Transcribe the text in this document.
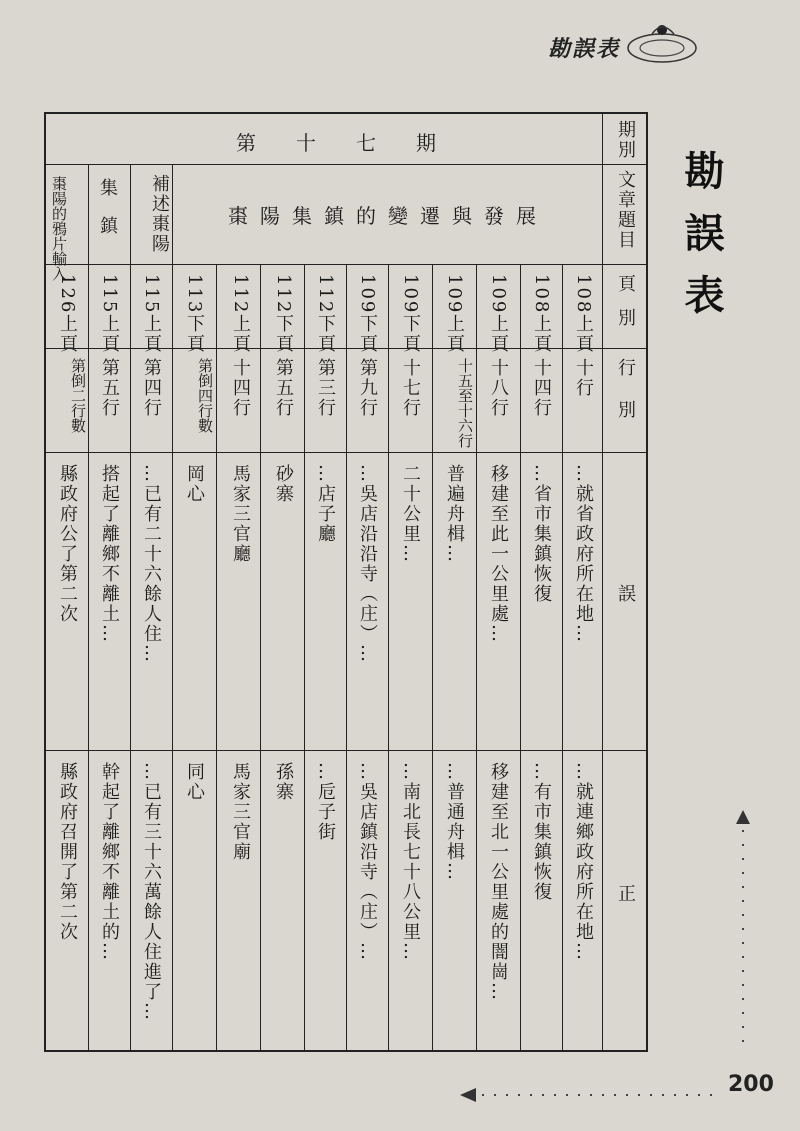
勘誤表
勘誤表
期別
第十七期
文章題目
棗陽集鎮的變遷與發展
補述棗陽
集鎮
棗陽的鴉片輸入
頁別
行別
誤
正
108上頁
十行
…就省政府所在地…
…就連鄉政府所在地…
108上頁
十四行
…省市集鎮恢復
…有市集鎮恢復
109上頁
十八行
移建至此一公里處…
移建至北一公里處的闇崗…
109上頁
十五至十六行
普遍舟楫…
…普通舟楫…
109下頁
十七行
二十公里…
…南北長七十八公里…
109下頁
第九行
…吳店沿沿寺（庄）…
…吳店鎮沿寺（庄）…
112下頁
第三行
…店子廳
…卮子街
112下頁
第五行
砂寨
孫寨
112上頁
十四行
馬家三官廳
馬家三官廟
113下頁
第倒四行數
岡心
同心
115上頁
第四行
…已有二十六餘人住…
…已有三十六萬餘人住進了…
115上頁
第五行
搭起了離鄉不離土…
幹起了離鄉不離土的…
126上頁
第倒二行數
縣政府公了第二次
縣政府召開了第二次
200
